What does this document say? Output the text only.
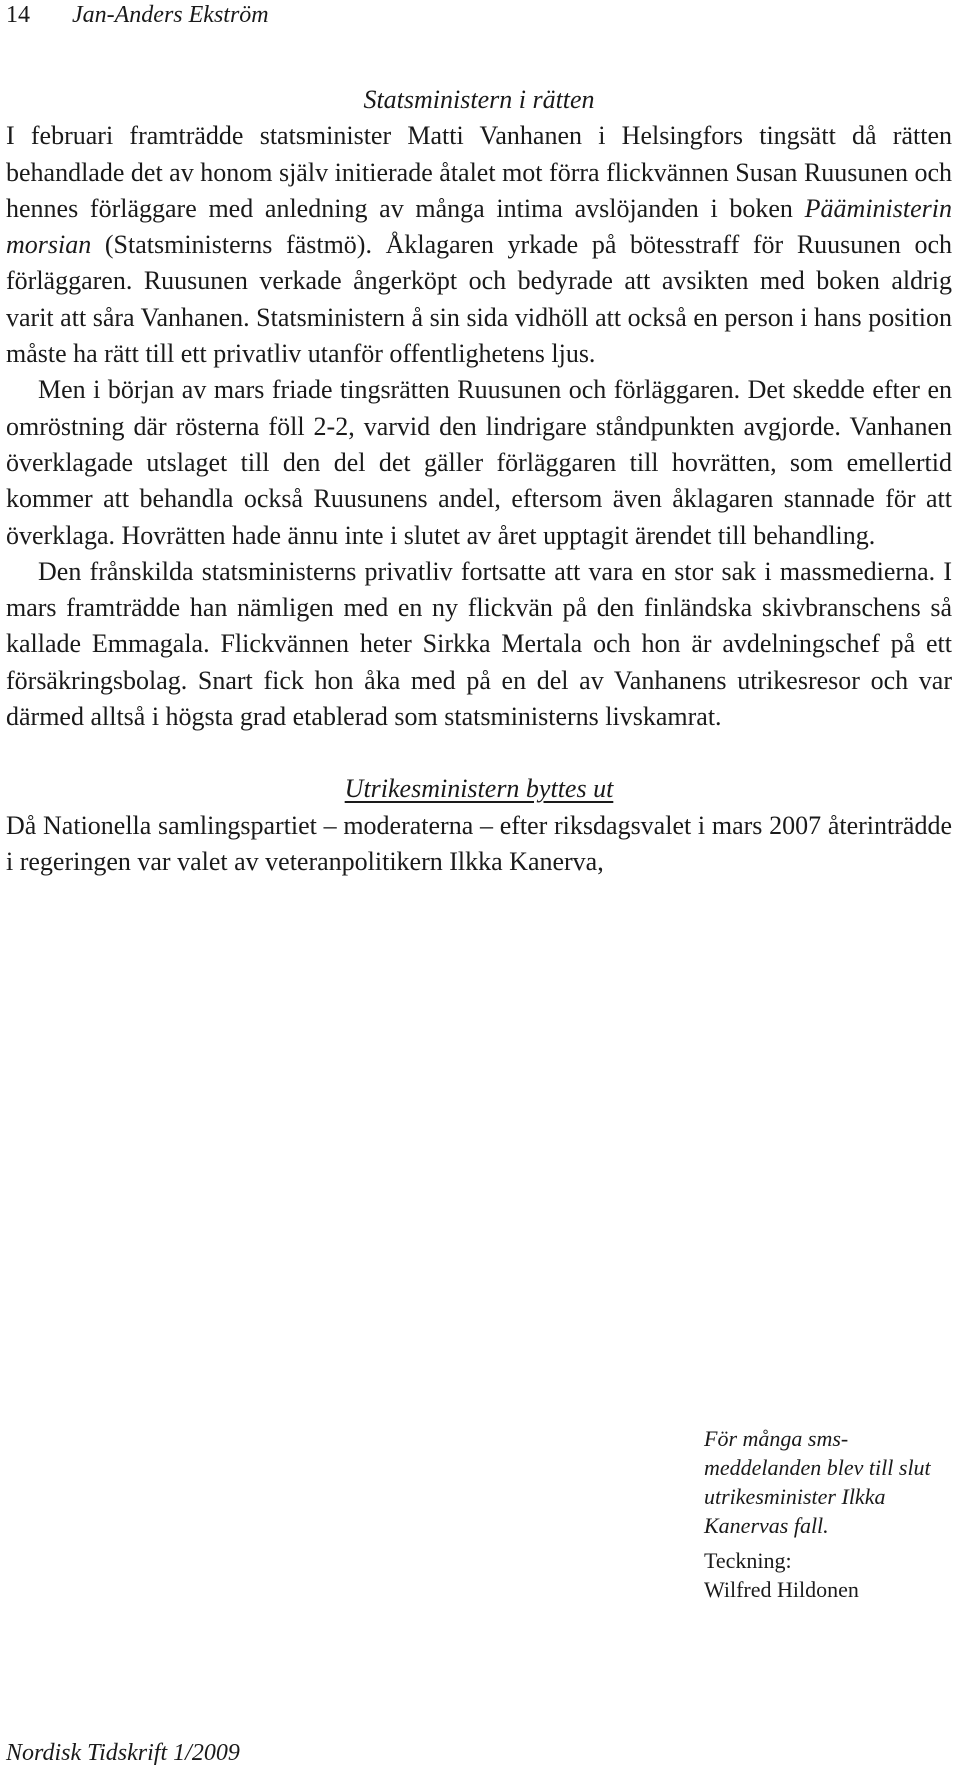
14 Jan-Anders Ekström
Statsministern i rätten

I februari framträdde statsminister Matti Vanhanen i Helsingfors tingsätt då rätten behandlade det av honom själv initierade åtalet mot förra flickvännen Susan Ruusunen och hennes förläggare med anledning av många intima avslöjanden i boken Pääministerin morsian (Statsministerns fästmö). Åklagaren yrkade på bötesstraff för Ruusunen och förläggaren. Ruusunen verkade ångerköpt och bedyrade att avsikten med boken aldrig varit att såra Vanhanen. Statsministern å sin sida vidhöll att också en person i hans position måste ha rätt till ett privatliv utanför offentlighetens ljus.

Men i början av mars friade tingsrätten Ruusunen och förläggaren. Det skedde efter en omröstning där rösterna föll 2-2, varvid den lindrigare ståndpunkten avgjorde. Vanhanen överklagade utslaget till den del det gäller förläggaren till hovrätten, som emellertid kommer att behandla också Ruusunens andel, eftersom även åklagaren stannade för att överklaga. Hovrätten hade ännu inte i slutet av året upptagit ärendet till behandling.

Den frånskilda statsministerns privatliv fortsatte att vara en stor sak i massmedierna. I mars framträdde han nämligen med en ny flickvän på den finländska skivbranschens så kallade Emmagala. Flickvännen heter Sirkka Mertala och hon är avdelningschef på ett försäkringsbolag. Snart fick hon åka med på en del av Vanhanens utrikesresor och var därmed alltså i högsta grad etablerad som statsministerns livskamrat.

Utrikesministern byttes ut

Då Nationella samlingspartiet – moderaterna – efter riksdagsvalet i mars 2007 återinträdde i regeringen var valet av veteranpolitikern Ilkka Kanerva,

För många sms-meddelanden blev till slut utrikesminister Ilkka Kanervas fall.

Teckning:
Wilfred Hildonen

Nordisk Tidskrift 1/2009
